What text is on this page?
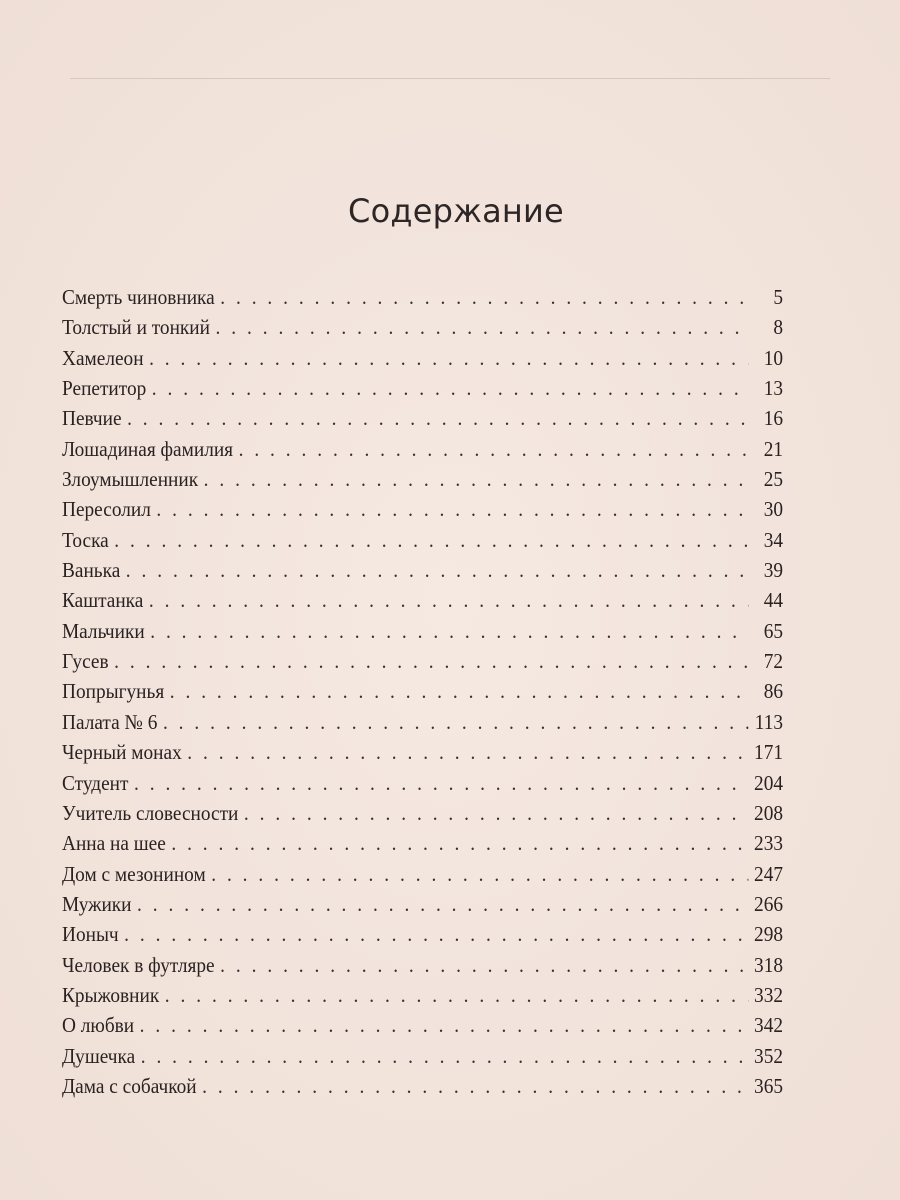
Содержание
Смерть чиновника . . .	5
Толстый и тонкий . . .	8
Хамелеон . . .	10
Репетитор . . .	13
Певчие . . .	16
Лошадиная фамилия . . .	21
Злоумышленник . . .	25
Пересолил . . .	30
Тоска . . .	34
Ванька . . .	39
Каштанка . . .	44
Мальчики . . .	65
Гусев . . .	72
Попрыгунья . . .	86
Палата № 6 . . .	113
Черный монах . . .	171
Студент . . .	204
Учитель словесности . . .	208
Анна на шее . . .	233
Дом с мезонином . . .	247
Мужики . . .	266
Ионыч . . .	298
Человек в футляре . . .	318
Крыжовник . . .	332
О любви . . .	342
Душечка . . .	352
Дама с собачкой . . .	365
